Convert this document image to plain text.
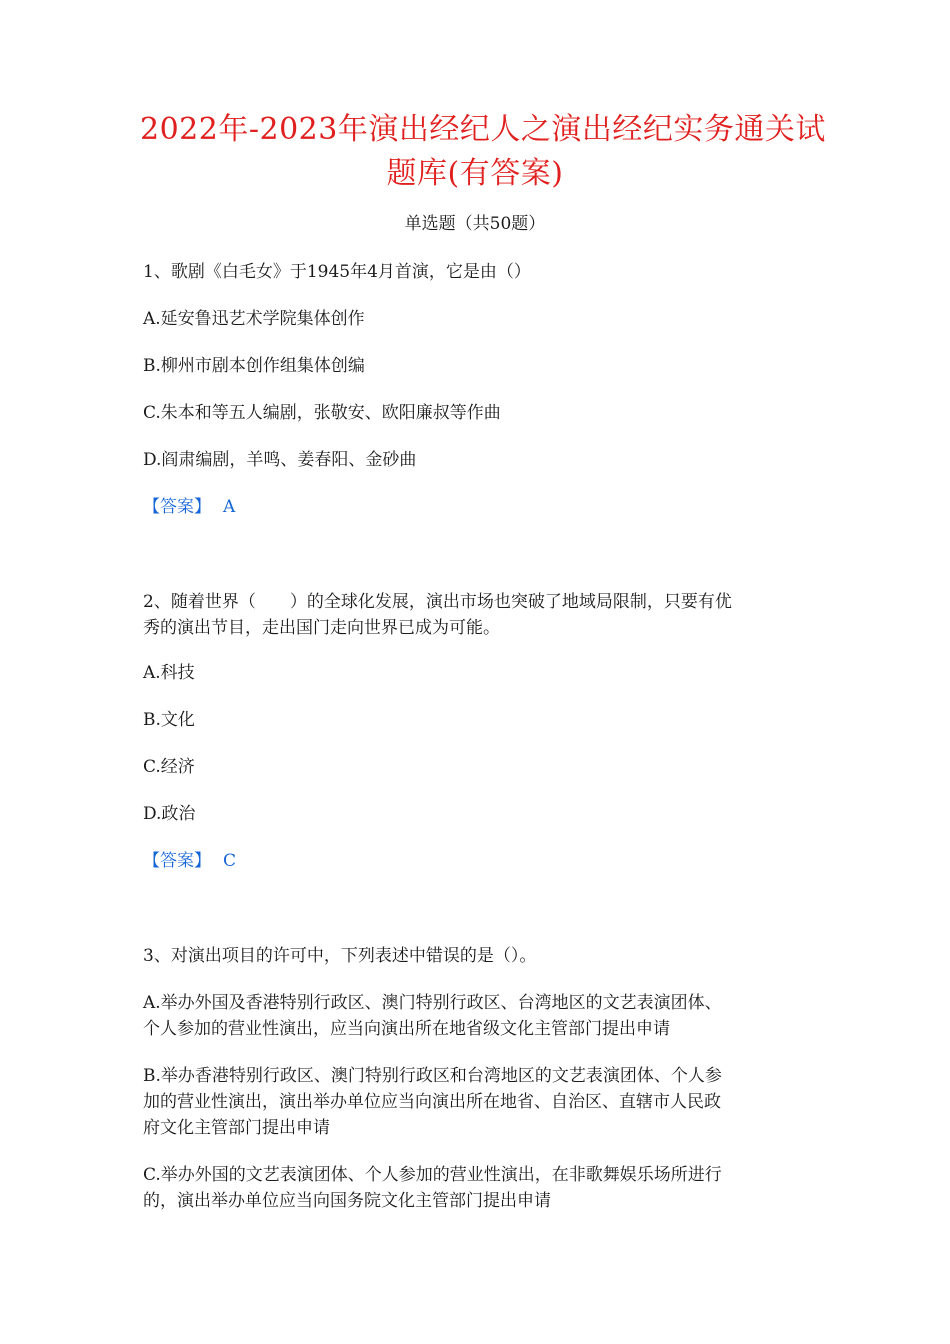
2022年-2023年演出经纪人之演出经纪实务通关试
题库(有答案)
单选题（共50题）
1、歌剧《白毛女》于1945年4月首演，它是由（）
A.延安鲁迅艺术学院集体创作
B.柳州市剧本创作组集体创编
C.朱本和等五人编剧，张敬安、欧阳廉叔等作曲
D.阎肃编剧，羊鸣、姜春阳、金砂曲
【答案】 A
2、随着世界（　　）的全球化发展，演出市场也突破了地域局限制，只要有优
秀的演出节目，走出国门走向世界已成为可能。
A.科技
B.文化
C.经济
D.政治
【答案】 C
3、对演出项目的许可中，下列表述中错误的是（）。
A.举办外国及香港特别行政区、澳门特别行政区、台湾地区的文艺表演团体、
个人参加的营业性演出，应当向演出所在地省级文化主管部门提出申请
B.举办香港特别行政区、澳门特别行政区和台湾地区的文艺表演团体、个人参
加的营业性演出，演出举办单位应当向演出所在地省、自治区、直辖市人民政
府文化主管部门提出申请
C.举办外国的文艺表演团体、个人参加的营业性演出，在非歌舞娱乐场所进行
的，演出举办单位应当向国务院文化主管部门提出申请
